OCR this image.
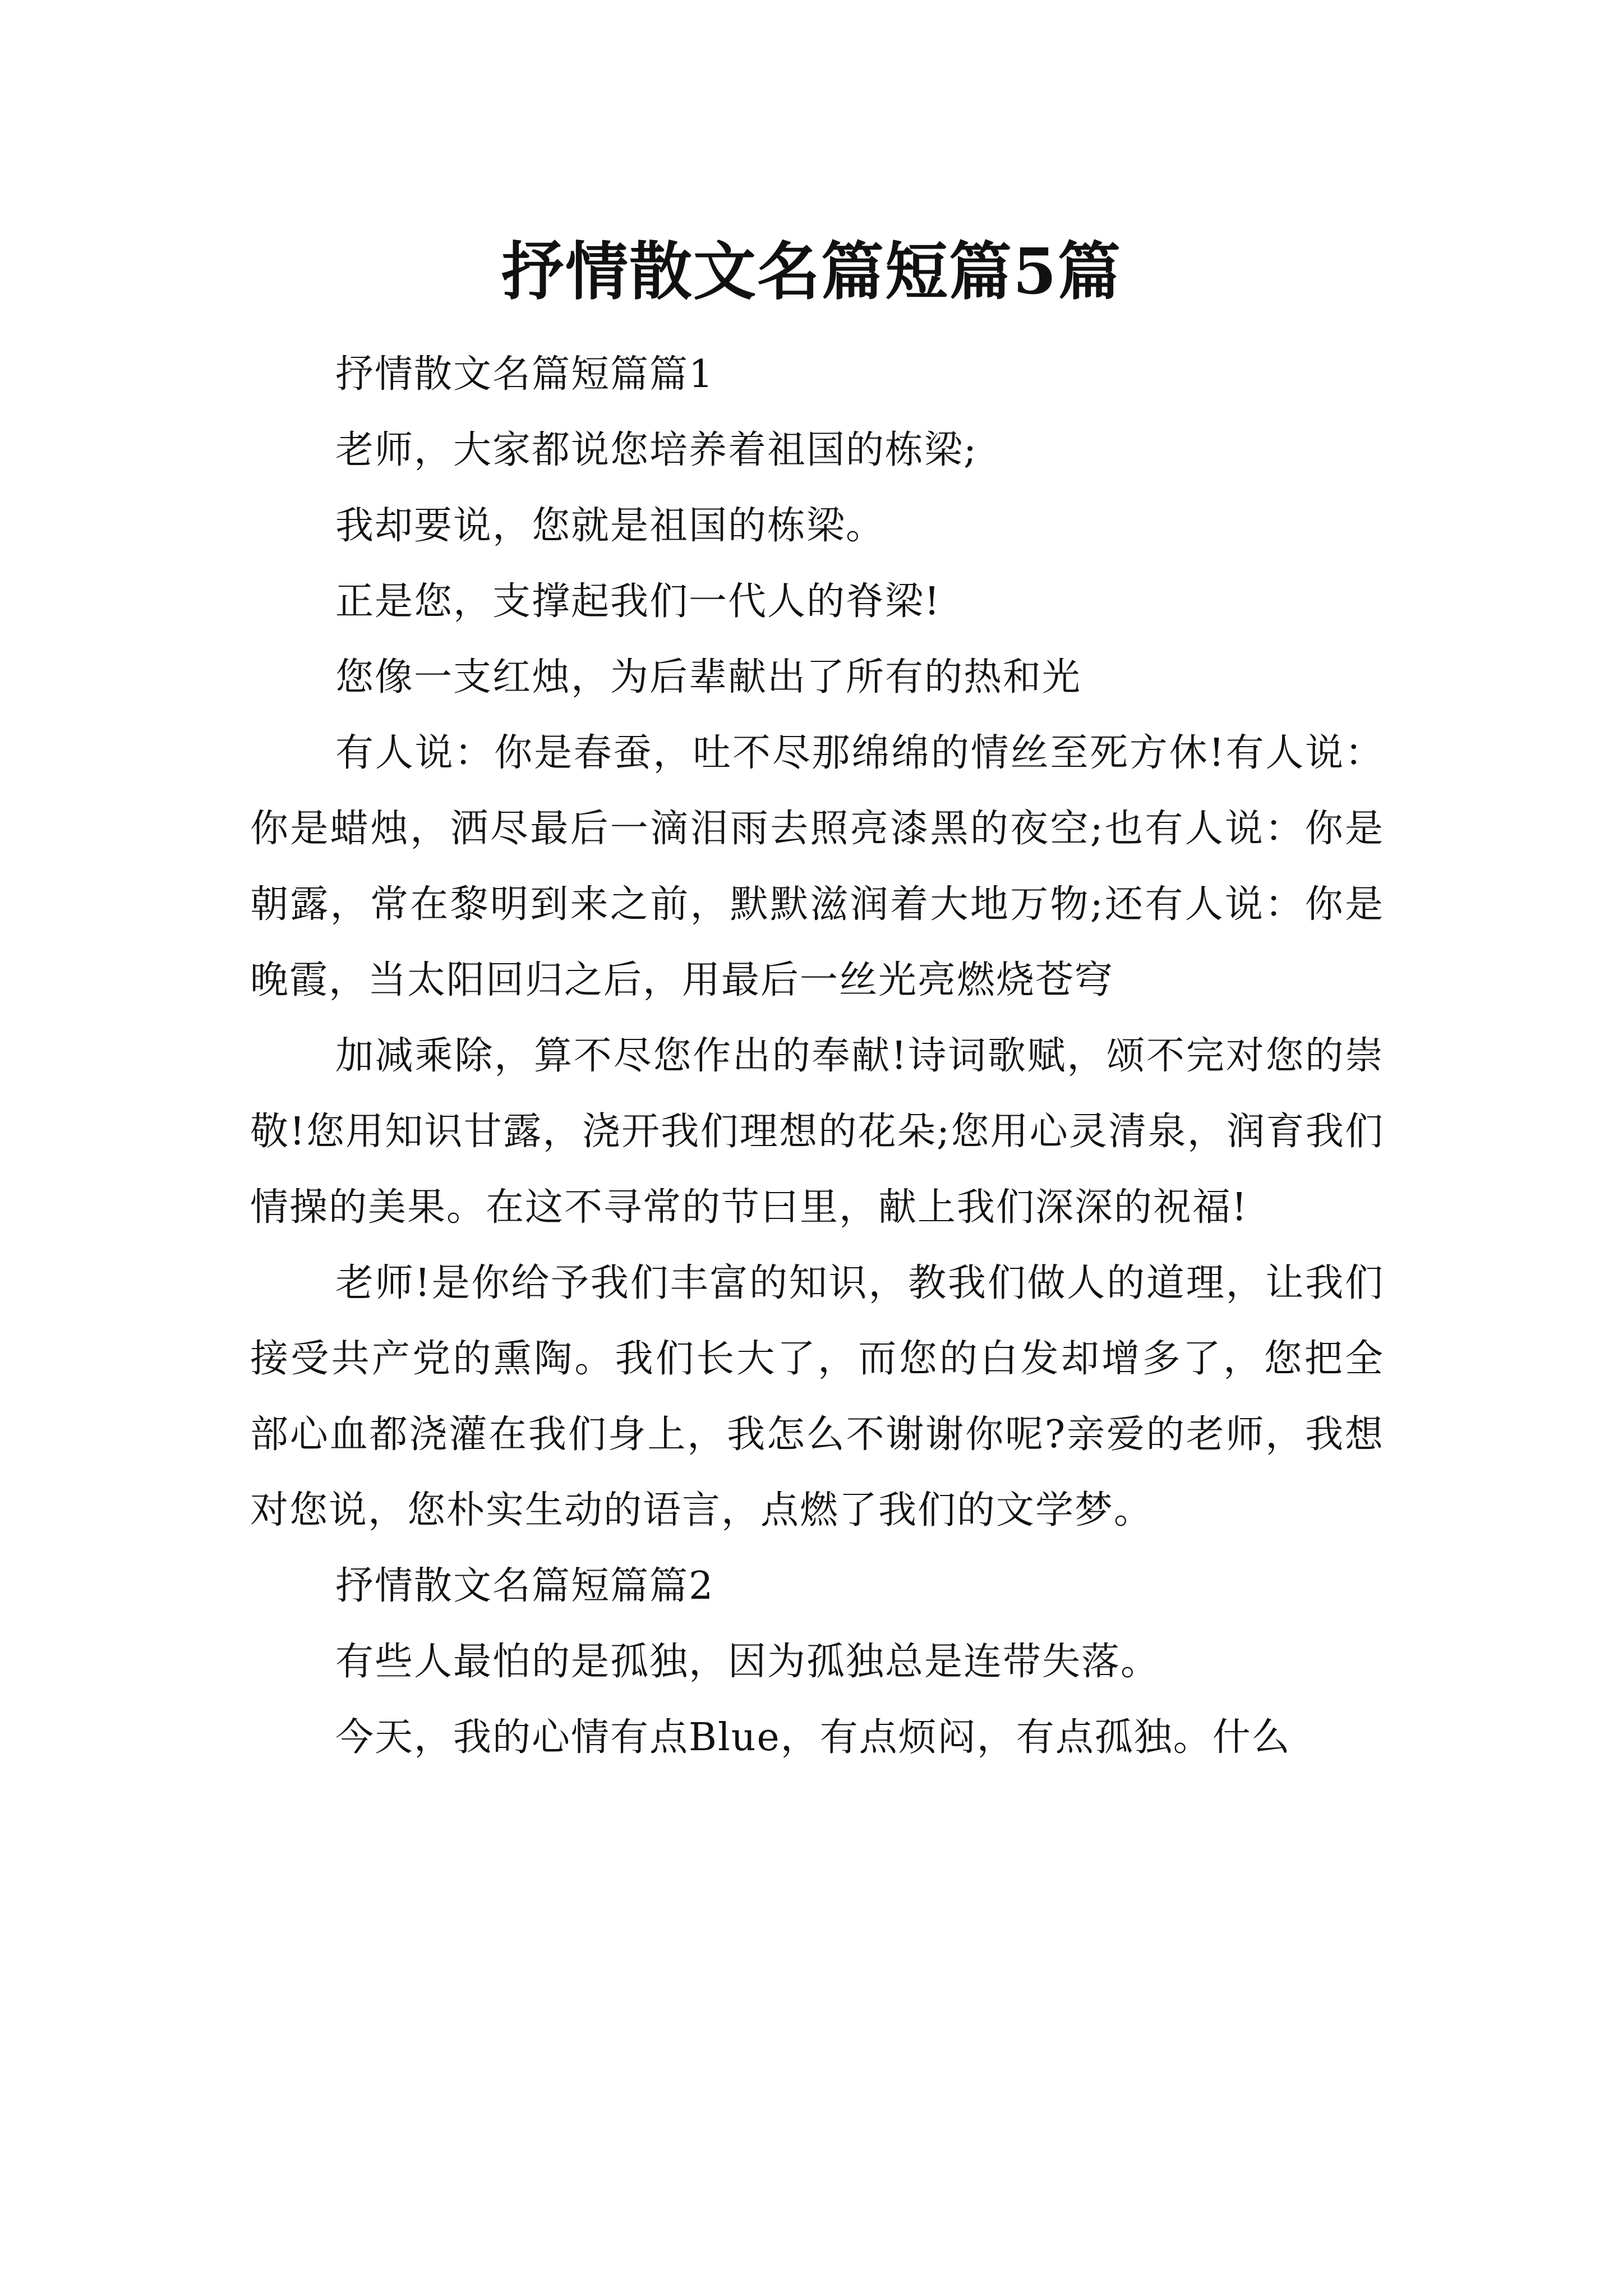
抒情散文名篇短篇5篇

抒情散文名篇短篇篇1

老师，大家都说您培养着祖国的栋梁;

我却要说，您就是祖国的栋梁。

正是您，支撑起我们一代人的脊梁!

您像一支红烛，为后辈献出了所有的热和光

有人说：你是春蚕，吐不尽那绵绵的情丝至死方休!有人说：你是蜡烛，洒尽最后一滴泪雨去照亮漆黑的夜空;也有人说：你是朝露，常在黎明到来之前，默默滋润着大地万物;还有人说：你是晚霞，当太阳回归之后，用最后一丝光亮燃烧苍穹

加减乘除，算不尽您作出的奉献!诗词歌赋，颂不完对您的崇敬!您用知识甘露，浇开我们理想的花朵;您用心灵清泉，润育我们情操的美果。在这不寻常的节曰里，献上我们深深的祝福!

老师!是你给予我们丰富的知识，教我们做人的道理，让我们接受共产党的熏陶。我们长大了，而您的白发却增多了，您把全部心血都浇灌在我们身上，我怎么不谢谢你呢?亲爱的老师，我想对您说，您朴实生动的语言，点燃了我们的文学梦。

抒情散文名篇短篇篇2

有些人最怕的是孤独，因为孤独总是连带失落。

今天，我的心情有点Blue，有点烦闷，有点孤独。什么
